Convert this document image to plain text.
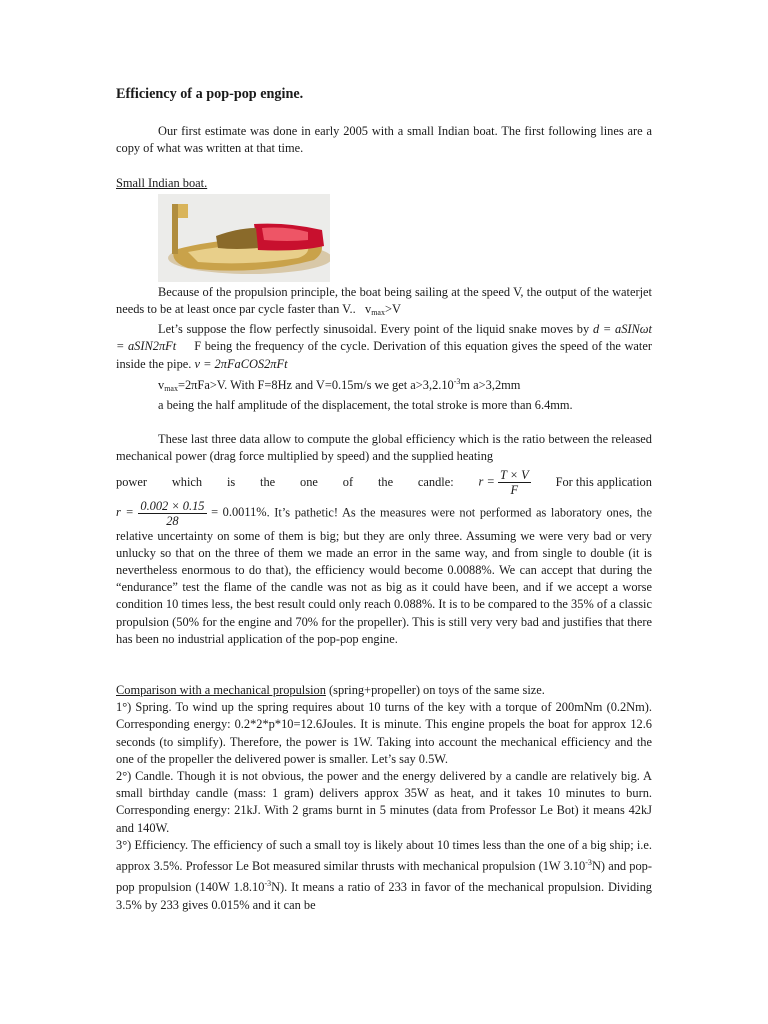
Efficiency of a pop-pop engine.

Our first estimate was done in early 2005 with a small Indian boat. The first following lines are a copy of what was written at that time.

Small Indian boat.

Because of the propulsion principle, the boat being sailing at the speed V, the output of the waterjet needs to be at least once par cycle faster than V.. $v_{max}>V$

Let’s suppose the flow perfectly sinusoidal. Every point of the liquid snake moves by d = aSINωt = aSIN2πFt F being the frequency of the cycle. Derivation of this equation gives the speed of the water inside the pipe. v = 2πFaCOS2πFt

$v_{max}=2\pi Fa>V$. With F=8Hz and V=0.15m/s we get $a>3,2.10^{-3}m$ a>3,2mm

a being the half amplitude of the displacement, the total stroke is more than 6.4mm.

These last three data allow to compute the global efficiency which is the ratio between the released mechanical power (drag force multiplied by speed) and the supplied heating

power which is the one of the candle: $r = \frac{T \times V}{F}$ For this application

$r = \frac{0.002 \times 0.15}{28} = 0.0011\%$. It’s pathetic! As the measures were not performed as laboratory ones, the relative uncertainty on some of them is big; but they are only three. Assuming we were very bad or very unlucky so that on the three of them we made an error in the same way, and from single to double (it is nevertheless enormous to do that), the efficiency would become 0.0088%. We can accept that during the “endurance” test the flame of the candle was not as big as it could have been, and if we accept a worse condition 10 times less, the best result could only reach 0.088%. It is to be compared to the 35% of a classic propulsion (50% for the engine and 70% for the propeller). This is still very very bad and justifies that there has been no industrial application of the pop-pop engine.

Comparison with a mechanical propulsion (spring+propeller) on toys of the same size.

1°) Spring. To wind up the spring requires about 10 turns of the key with a torque of 200mNm (0.2Nm). Corresponding energy: 0.2*2*p*10=12.6Joules. It is minute. This engine propels the boat for approx 12.6 seconds (to simplify). Therefore, the power is 1W. Taking into account the mechanical efficiency and the one of the propeller the delivered power is smaller. Let’s say 0.5W.

2°) Candle. Though it is not obvious, the power and the energy delivered by a candle are relatively big. A small birthday candle (mass: 1 gram) delivers approx 35W as heat, and it takes 10 minutes to burn. Corresponding energy: 21kJ. With 2 grams burnt in 5 minutes (data from Professor Le Bot) it means 42kJ and 140W.

3°) Efficiency. The efficiency of such a small toy is likely about 10 times less than the one of a big ship; i.e. approx 3.5%. Professor Le Bot measured similar thrusts with mechanical propulsion (1W $3.10^{-3}N$) and pop-pop propulsion (140W $1.8.10^{-3}N$). It means a ratio of 233 in favor of the mechanical propulsion. Dividing 3.5% by 233 gives 0.015% and it can be
